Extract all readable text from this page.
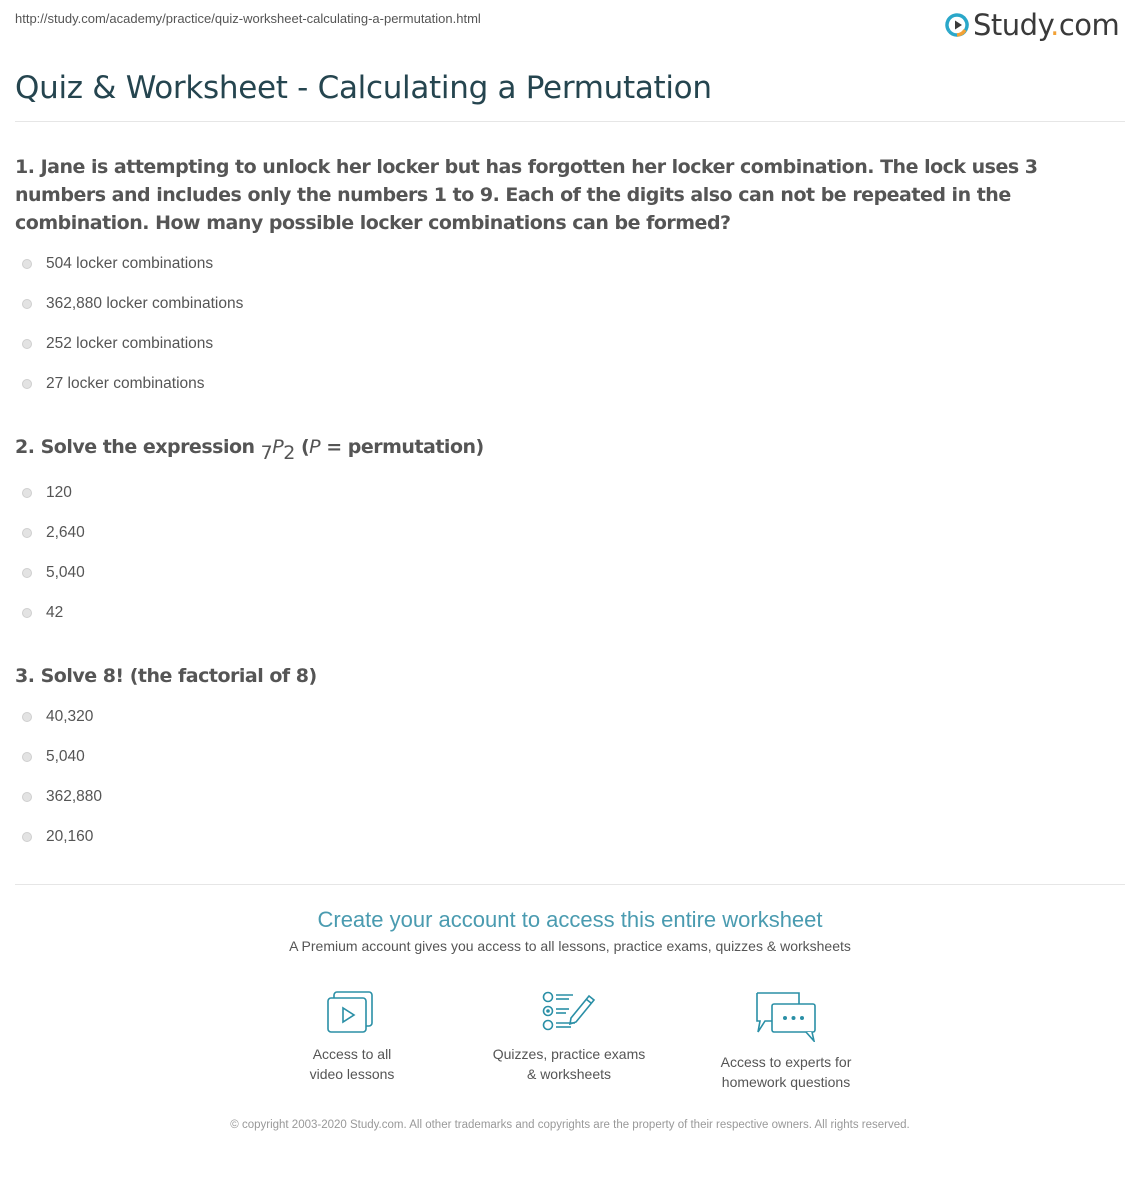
http://study.com/academy/practice/quiz-worksheet-calculating-a-permutation.html	Study.com
Quiz & Worksheet - Calculating a Permutation
1. Jane is attempting to unlock her locker but has forgotten her locker combination. The lock uses 3 numbers and includes only the numbers 1 to 9. Each of the digits also can not be repeated in the combination. How many possible locker combinations can be formed?
504 locker combinations
362,880 locker combinations
252 locker combinations
27 locker combinations
2. Solve the expression $_7P_2$ (P = permutation)
120
2,640
5,040
42
3. Solve 8! (the factorial of 8)
40,320
5,040
362,880
20,160
Create your account to access this entire worksheet
A Premium account gives you access to all lessons, practice exams, quizzes & worksheets
Access to all
video lessons
Quizzes, practice exams
& worksheets
Access to experts for
homework questions
© copyright 2003-2020 Study.com. All other trademarks and copyrights are the property of their respective owners. All rights reserved.
